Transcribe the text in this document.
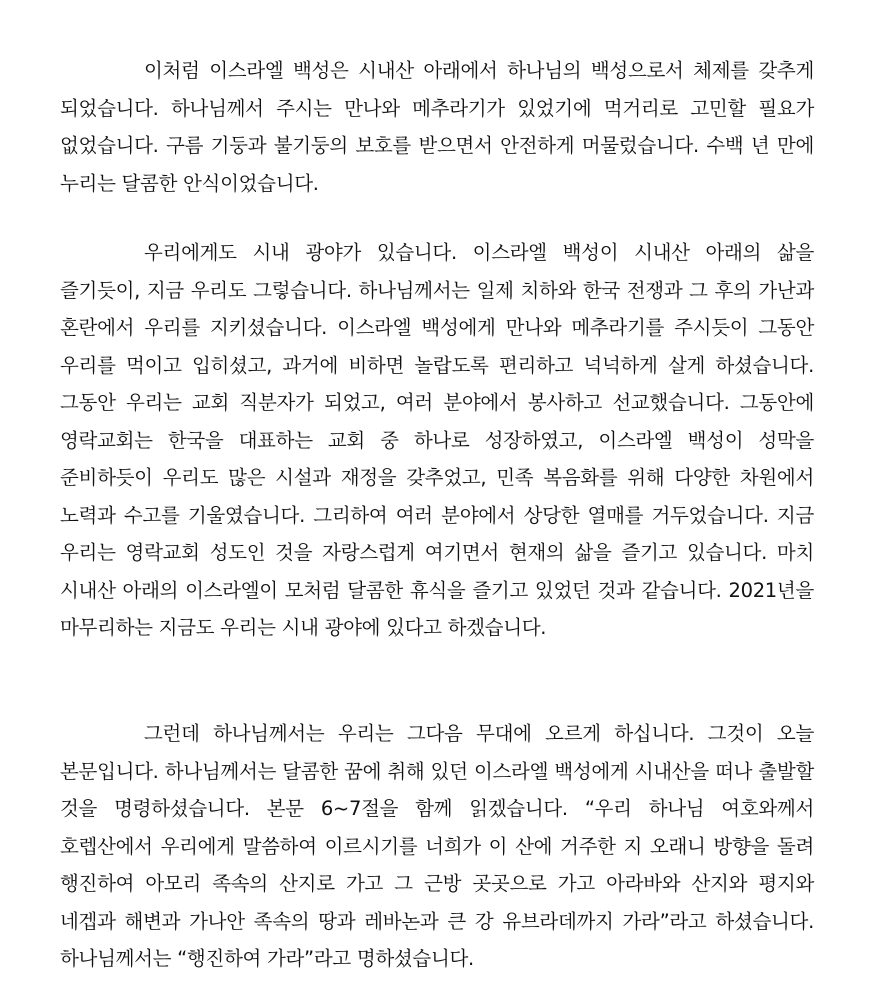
이처럼 이스라엘 백성은 시내산 아래에서 하나님의 백성으로서 체제를 갖추게 되었습니다. 하나님께서 주시는 만나와 메추라기가 있었기에 먹거리로 고민할 필요가 없었습니다. 구름 기둥과 불기둥의 보호를 받으면서 안전하게 머물렀습니다. 수백 년 만에 누리는 달콤한 안식이었습니다.

우리에게도 시내 광야가 있습니다. 이스라엘 백성이 시내산 아래의 삶을 즐기듯이, 지금 우리도 그렇습니다. 하나님께서는 일제 치하와 한국 전쟁과 그 후의 가난과 혼란에서 우리를 지키셨습니다. 이스라엘 백성에게 만나와 메추라기를 주시듯이 그동안 우리를 먹이고 입히셨고, 과거에 비하면 놀랍도록 편리하고 넉넉하게 살게 하셨습니다. 그동안 우리는 교회 직분자가 되었고, 여러 분야에서 봉사하고 선교했습니다. 그동안에 영락교회는 한국을 대표하는 교회 중 하나로 성장하였고, 이스라엘 백성이 성막을 준비하듯이 우리도 많은 시설과 재정을 갖추었고, 민족 복음화를 위해 다양한 차원에서 노력과 수고를 기울였습니다. 그리하여 여러 분야에서 상당한 열매를 거두었습니다. 지금 우리는 영락교회 성도인 것을 자랑스럽게 여기면서 현재의 삶을 즐기고 있습니다. 마치 시내산 아래의 이스라엘이 모처럼 달콤한 휴식을 즐기고 있었던 것과 같습니다. 2021년을 마무리하는 지금도 우리는 시내 광야에 있다고 하겠습니다.

그런데 하나님께서는 우리는 그다음 무대에 오르게 하십니다. 그것이 오늘 본문입니다. 하나님께서는 달콤한 꿈에 취해 있던 이스라엘 백성에게 시내산을 떠나 출발할 것을 명령하셨습니다. 본문 6~7절을 함께 읽겠습니다. “우리 하나님 여호와께서 호렙산에서 우리에게 말씀하여 이르시기를 너희가 이 산에 거주한 지 오래니 방향을 돌려 행진하여 아모리 족속의 산지로 가고 그 근방 곳곳으로 가고 아라바와 산지와 평지와 네겝과 해변과 가나안 족속의 땅과 레바논과 큰 강 유브라데까지 가라”라고 하셨습니다. 하나님께서는 “행진하여 가라”라고 명하셨습니다.
